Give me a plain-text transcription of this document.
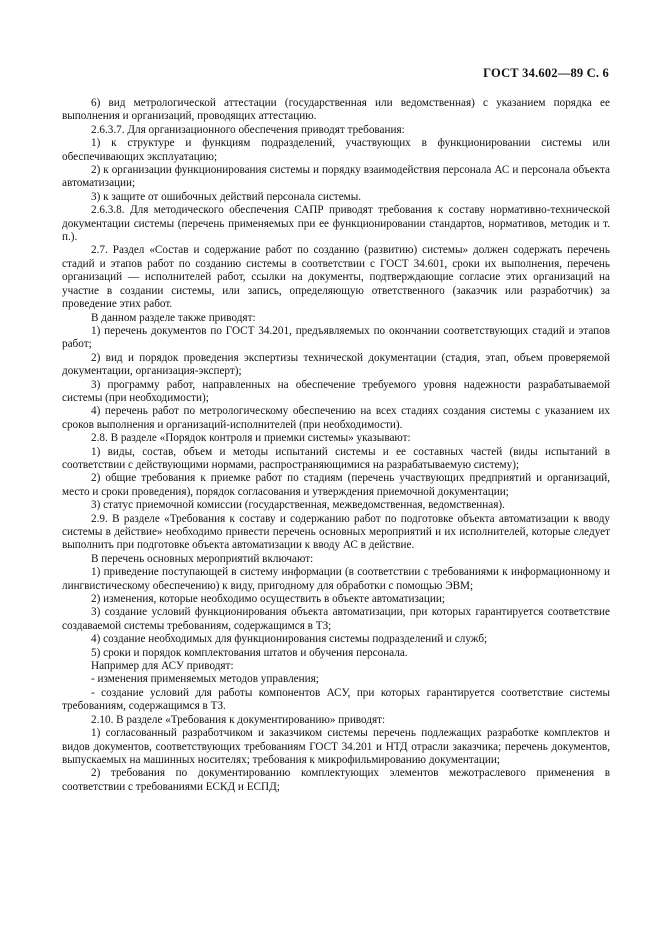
ГОСТ 34.602—89 С. 6

6) вид метрологической аттестации (государственная или ведомственная) с указанием порядка ее выполнения и организаций, проводящих аттестацию.

2.6.3.7. Для организационного обеспечения приводят требования:

1) к структуре и функциям подразделений, участвующих в функционировании системы или обеспечивающих эксплуатацию;

2) к организации функционирования системы и порядку взаимодействия персонала АС и персонала объекта автоматизации;

3) к защите от ошибочных действий персонала системы.

2.6.3.8. Для методического обеспечения САПР приводят требования к составу нормативно-технической документации системы (перечень применяемых при ее функционировании стандартов, нормативов, методик и т. п.).

2.7. Раздел «Состав и содержание работ по созданию (развитию) системы» должен содержать перечень стадий и этапов работ по созданию системы в соответствии с ГОСТ 34.601, сроки их выполнения, перечень организаций — исполнителей работ, ссылки на документы, подтверждающие согласие этих организаций на участие в создании системы, или запись, определяющую ответственного (заказчик или разработчик) за проведение этих работ.

В данном разделе также приводят:

1) перечень документов по ГОСТ 34.201, предъявляемых по окончании соответствующих стадий и этапов работ;

2) вид и порядок проведения экспертизы технической документации (стадия, этап, объем проверяемой документации, организация-эксперт);

3) программу работ, направленных на обеспечение требуемого уровня надежности разрабатываемой системы (при необходимости);

4) перечень работ по метрологическому обеспечению на всех стадиях создания системы с указанием их сроков выполнения и организаций-исполнителей (при необходимости).

2.8. В разделе «Порядок контроля и приемки системы» указывают:

1) виды, состав, объем и методы испытаний системы и ее составных частей (виды испытаний в соответствии с действующими нормами, распространяющимися на разрабатываемую систему);

2) общие требования к приемке работ по стадиям (перечень участвующих предприятий и организаций, место и сроки проведения), порядок согласования и утверждения приемочной документации;

3) статус приемочной комиссии (государственная, межведомственная, ведомственная).

2.9. В разделе «Требования к составу и содержанию работ по подготовке объекта автоматизации к вводу системы в действие» необходимо привести перечень основных мероприятий и их исполнителей, которые следует выполнить при подготовке объекта автоматизации к вводу АС в действие.

В перечень основных мероприятий включают:

1) приведение поступающей в систему информации (в соответствии с требованиями к информационному и лингвистическому обеспечению) к виду, пригодному для обработки с помощью ЭВМ;

2) изменения, которые необходимо осуществить в объекте автоматизации;

3) создание условий функционирования объекта автоматизации, при которых гарантируется соответствие создаваемой системы требованиям, содержащимся в ТЗ;

4) создание необходимых для функционирования системы подразделений и служб;

5) сроки и порядок комплектования штатов и обучения персонала.

Например для АСУ приводят:

- изменения применяемых методов управления;

- создание условий для работы компонентов АСУ, при которых гарантируется соответствие системы требованиям, содержащимся в ТЗ.

2.10. В разделе «Требования к документированию» приводят:

1) согласованный разработчиком и заказчиком системы перечень подлежащих разработке комплектов и видов документов, соответствующих требованиям ГОСТ 34.201 и НТД отрасли заказчика; перечень документов, выпускаемых на машинных носителях; требования к микрофильмированию документации;

2) требования по документированию комплектующих элементов межотраслевого применения в соответствии с требованиями ЕСКД и ЕСПД;
